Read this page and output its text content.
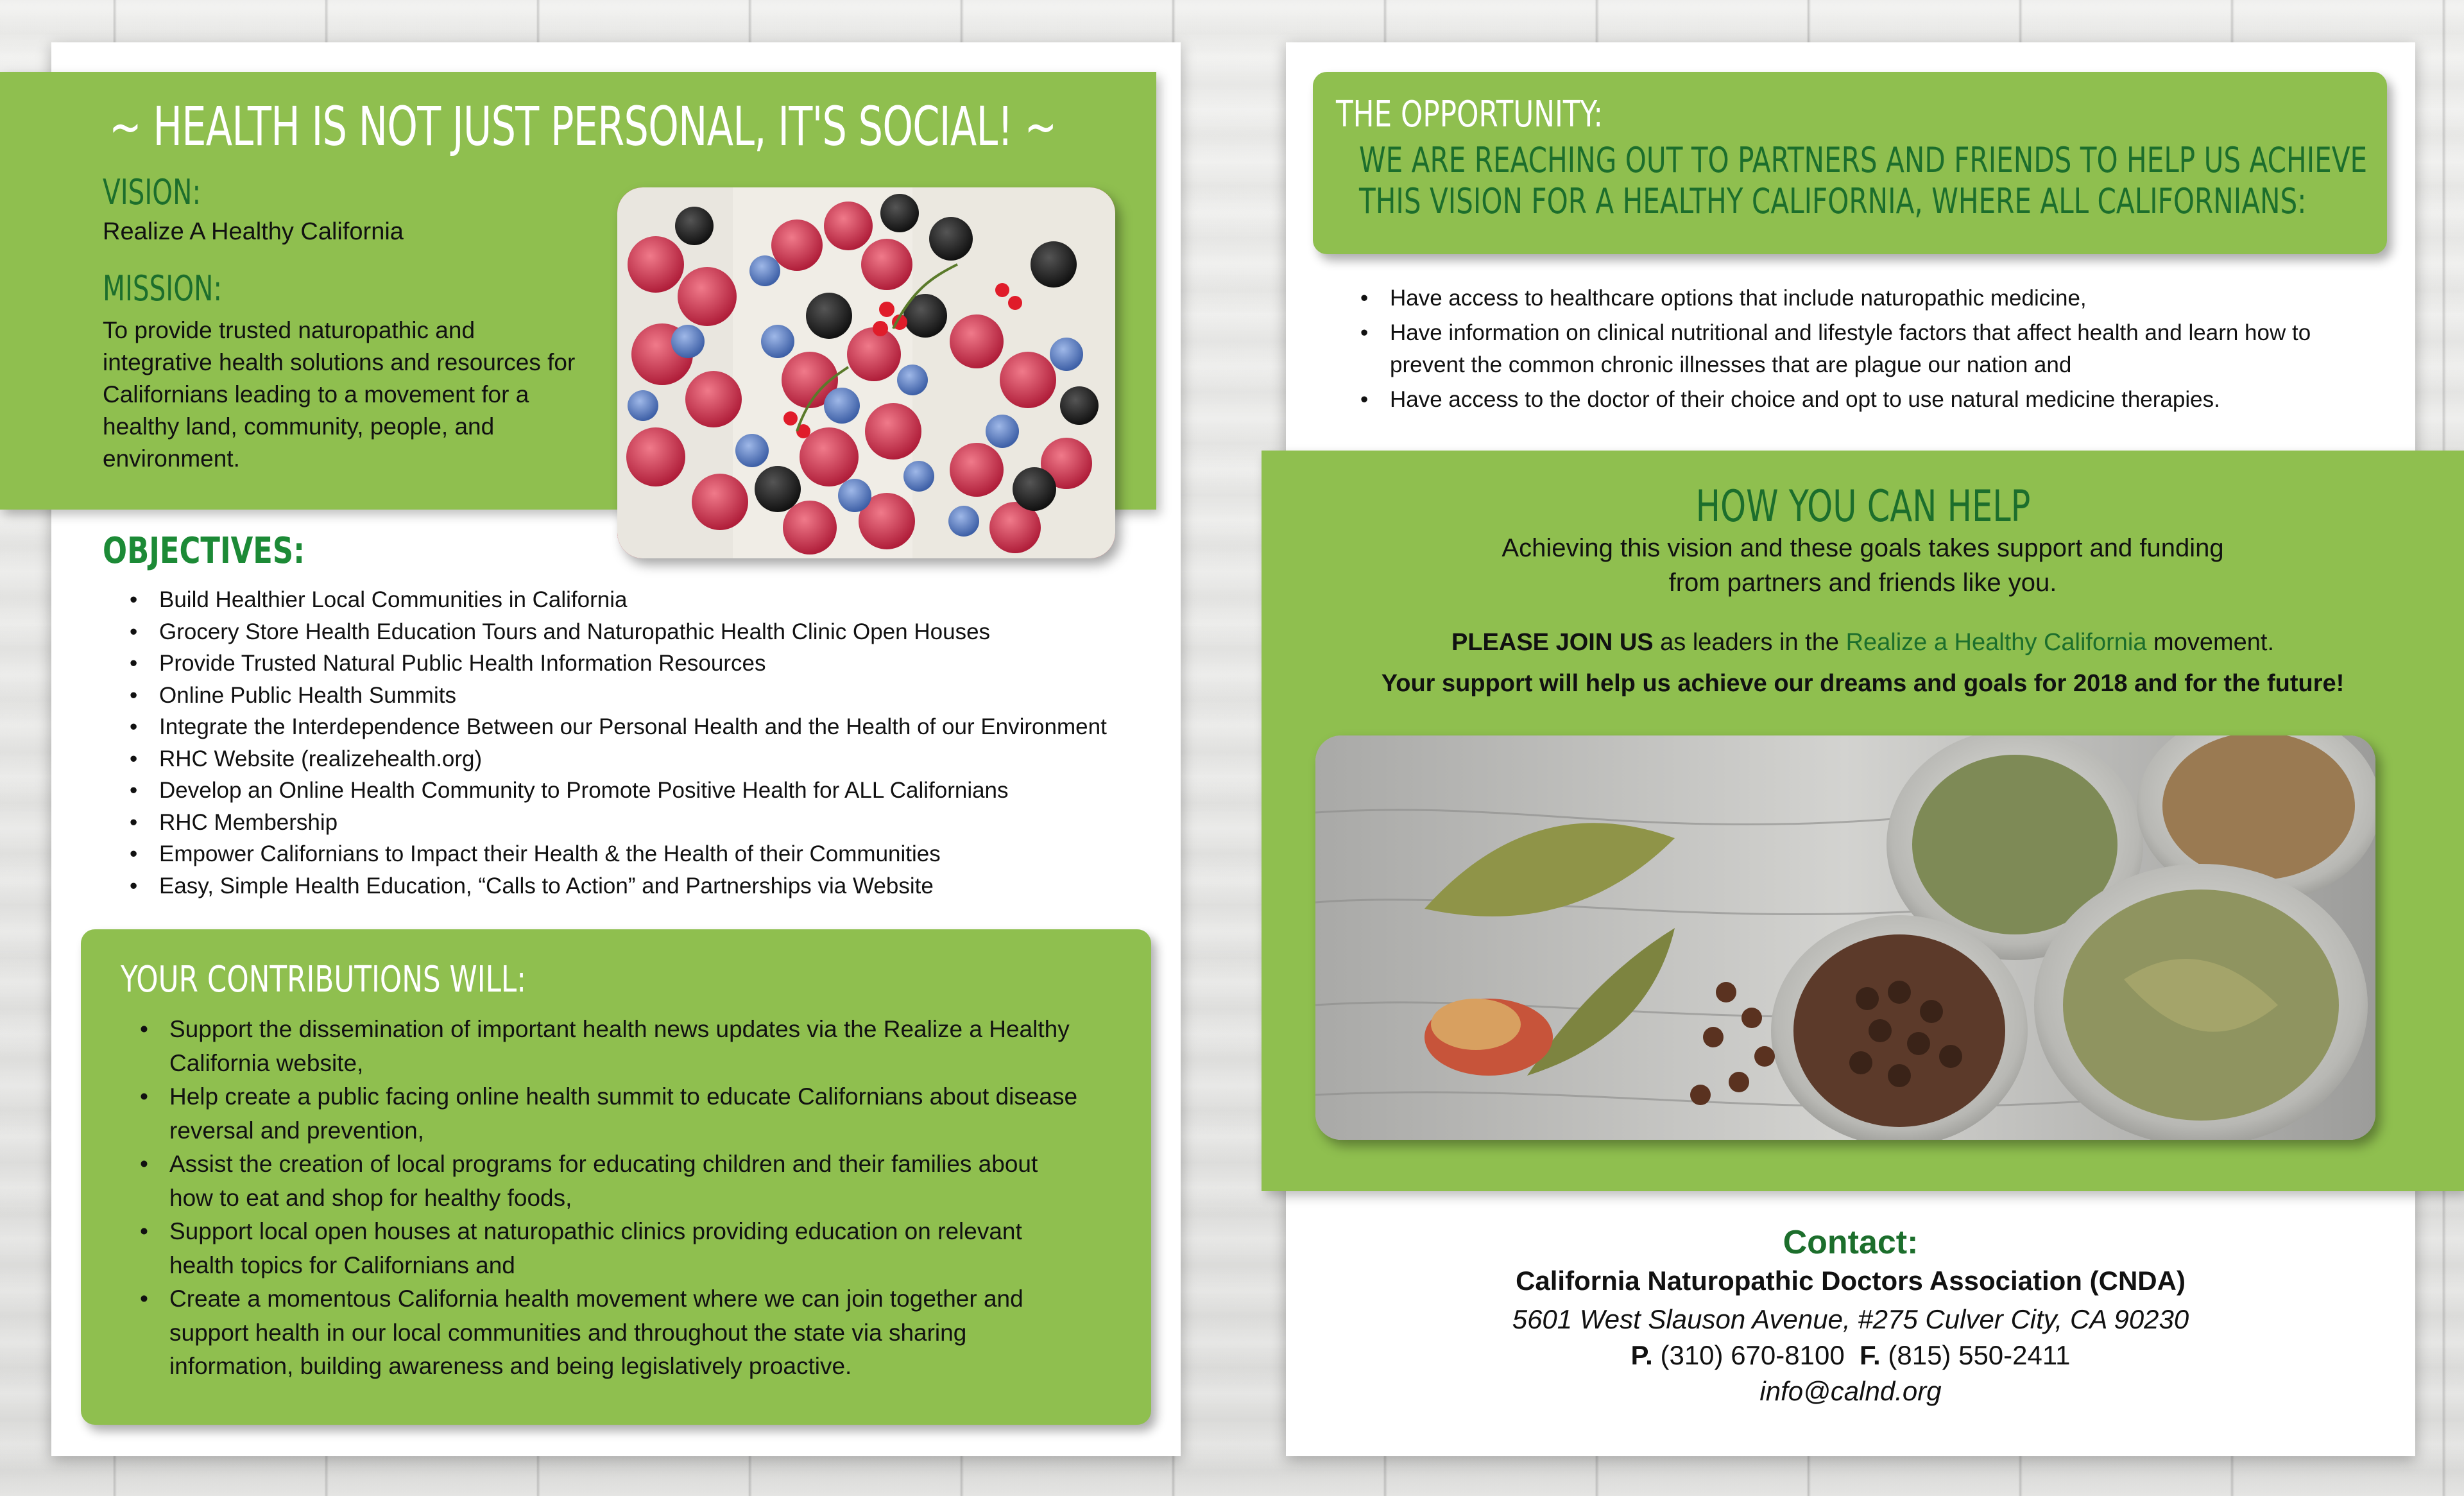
~ HEALTH IS NOT JUST PERSONAL, IT'S SOCIAL! ~
VISION:
Realize A Healthy California
MISSION:
To provide trusted naturopathic and integrative health solutions and resources for Californians leading to a movement for a healthy land, community, people, and environment.
OBJECTIVES:
• Build Healthier Local Communities in California
• Grocery Store Health Education Tours and Naturopathic Health Clinic Open Houses
• Provide Trusted Natural Public Health Information Resources
• Online Public Health Summits
• Integrate the Interdependence Between our Personal Health and the Health of our Environment
• RHC Website (realizehealth.org)
• Develop an Online Health Community to Promote Positive Health for ALL Californians
• RHC Membership
• Empower Californians to Impact their Health & the Health of their Communities
• Easy, Simple Health Education, “Calls to Action” and Partnerships via Website
YOUR CONTRIBUTIONS WILL:
• Support the dissemination of important health news updates via the Realize a Healthy California website,
• Help create a public facing online health summit to educate Californians about disease reversal and prevention,
• Assist the creation of local programs for educating children and their families about how to eat and shop for healthy foods,
• Support local open houses at naturopathic clinics providing education on relevant health topics for Californians and
• Create a momentous California health movement where we can join together and support health in our local communities and throughout the state via sharing information, building awareness and being legislatively proactive.
THE OPPORTUNITY:
WE ARE REACHING OUT TO PARTNERS AND FRIENDS TO HELP US ACHIEVE
THIS VISION FOR A HEALTHY CALIFORNIA, WHERE ALL CALIFORNIANS:
• Have access to healthcare options that include naturopathic medicine,
• Have information on clinical nutritional and lifestyle factors that affect health and learn how to prevent the common chronic illnesses that are plague our nation and
• Have access to the doctor of their choice and opt to use natural medicine therapies.
HOW YOU CAN HELP
Achieving this vision and these goals takes support and funding
from partners and friends like you.
PLEASE JOIN US as leaders in the Realize a Healthy California movement.
Your support will help us achieve our dreams and goals for 2018 and for the future!
Contact:
California Naturopathic Doctors Association (CNDA)
5601 West Slauson Avenue, #275 Culver City, CA 90230
P. (310) 670-8100  F. (815) 550-2411
info@calnd.org
